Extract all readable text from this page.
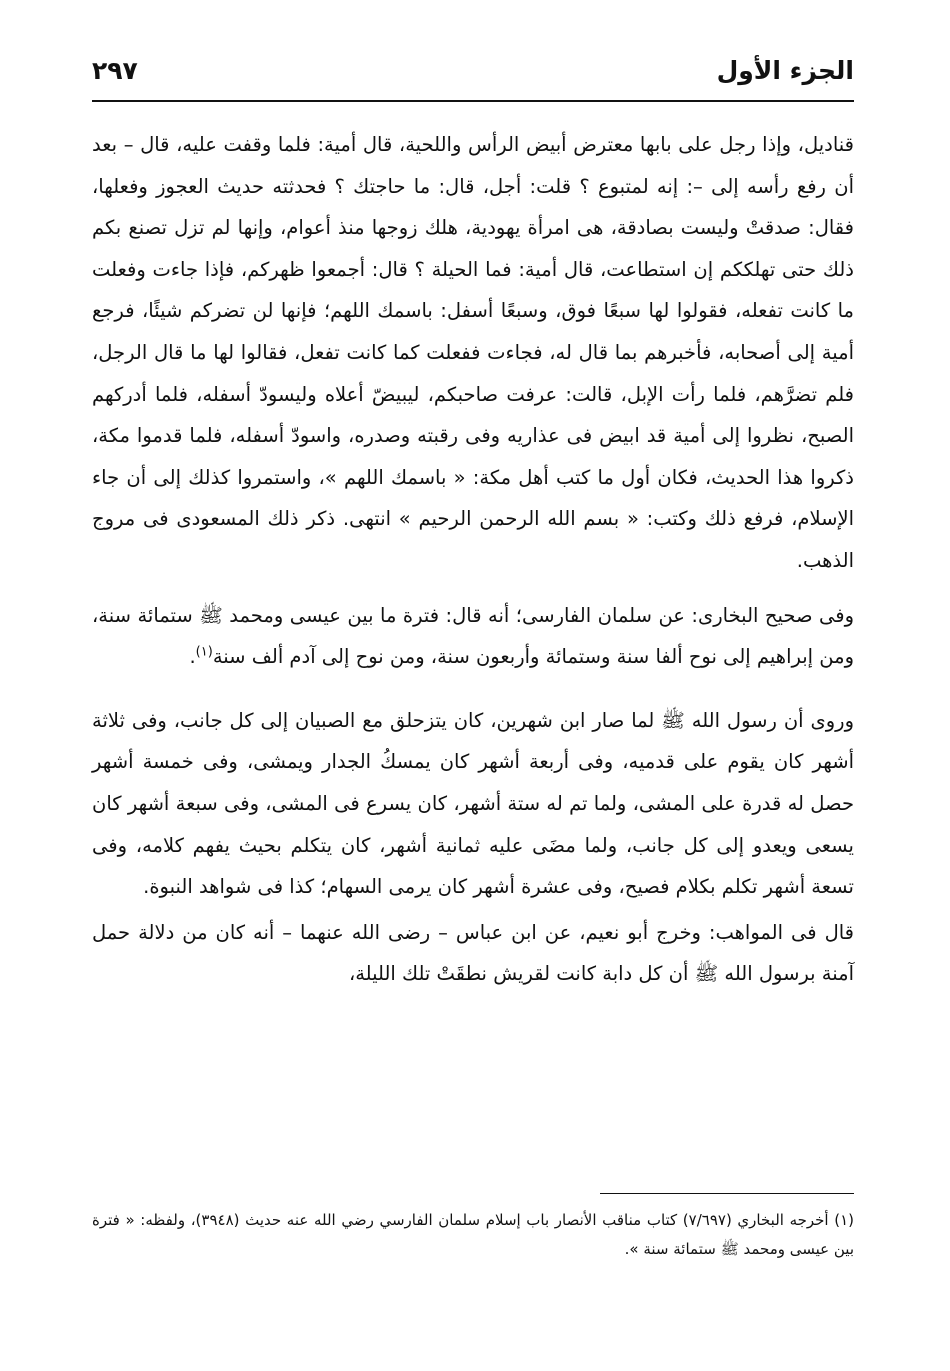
الجزء الأول
٢٩٧

قناديل، وإذا رجل على بابها معترض أبيض الرأس واللحية، قال أمية: فلما وقفت عليه، قال – بعد أن رفع رأسه إلى –: إنه لمتبوع ؟ قلت: أجل، قال: ما حاجتك ؟ فحدثته حديث العجوز وفعلها، فقال: صدقتْ وليست بصادقة، هى امرأة يهودية، هلك زوجها منذ أعوام، وإنها لم تزل تصنع بكم ذلك حتى تهلككم إن استطاعت، قال أمية: فما الحيلة ؟ قال: أجمعوا ظهركم، فإذا جاءت وفعلت ما كانت تفعله، فقولوا لها سبعًا فوق، وسبعًا أسفل: باسمك اللهم؛ فإنها لن تضركم شيئًا، فرجع أمية إلى أصحابه، فأخبرهم بما قال له، فجاءت ففعلت كما كانت تفعل، فقالوا لها ما قال الرجل، فلم تضرَّهم، فلما رأت الإبل، قالت: عرفت صاحبكم، ليبيضّ أعلاه وليسودّ أسفله، فلما أدركهم الصبح، نظروا إلى أمية قد ابيض فى عذاريه وفى رقبته وصدره، واسودّ أسفله، فلما قدموا مكة، ذكروا هذا الحديث، فكان أول ما كتب أهل مكة: « باسمك اللهم »، واستمروا كذلك إلى أن جاء الإسلام، فرفع ذلك وكتب: « بسم الله الرحمن الرحيم » انتهى. ذكر ذلك المسعودى فى مروج الذهب.

وفى صحيح البخارى: عن سلمان الفارسى؛ أنه قال: فترة ما بين عيسى ومحمد ﷺ ستمائة سنة، ومن إبراهيم إلى نوح ألفا سنة وستمائة وأربعون سنة، ومن نوح إلى آدم ألف سنة$^{(١)}$.

وروى أن رسول الله ﷺ لما صار ابن شهرين، كان يتزحلق مع الصبيان إلى كل جانب، وفى ثلاثة أشهر كان يقوم على قدميه، وفى أربعة أشهر كان يمسكُ الجدار ويمشى، وفى خمسة أشهر حصل له قدرة على المشى، ولما تم له ستة أشهر، كان يسرع فى المشى، وفى سبعة أشهر كان يسعى ويعدو إلى كل جانب، ولما مضَى عليه ثمانية أشهر، كان يتكلم بحيث يفهم كلامه، وفى تسعة أشهر تكلم بكلام فصيح، وفى عشرة أشهر كان يرمى السهام؛ كذا فى شواهد النبوة.

قال فى المواهب: وخرج أبو نعيم، عن ابن عباس – رضى الله عنهما – أنه كان من دلالة حمل آمنة برسول الله ﷺ أن كل دابة كانت لقريش نطقَتْ تلك الليلة،

(١) أخرجه البخاري (٧/٦٩٧) كتاب مناقب الأنصار باب إسلام سلمان الفارسي رضي الله عنه حديث (٣٩٤٨)، ولفظه: « فترة بين عيسى ومحمد ﷺ ستمائة سنة ».
